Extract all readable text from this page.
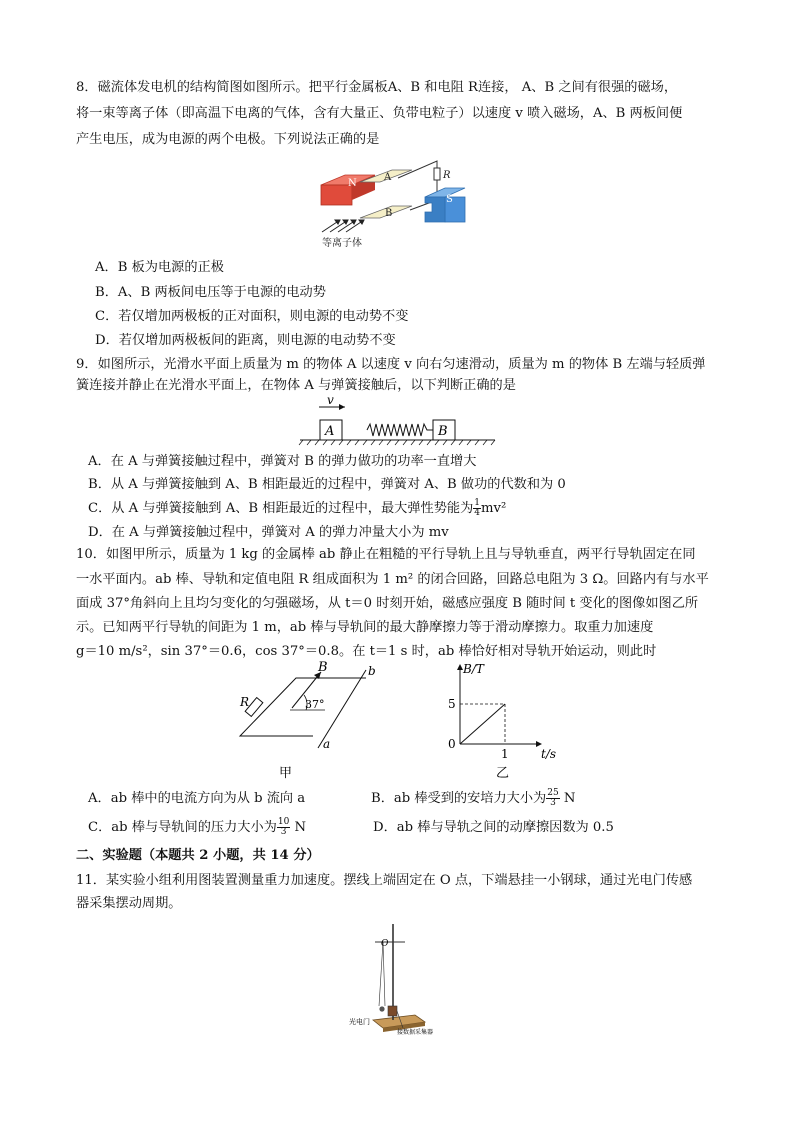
8．磁流体发电机的结构简图如图所示。把平行金属板A、B 和电阻 R连接， A、B 之间有很强的磁场，
将一束等离子体（即高温下电离的气体，含有大量正、负带电粒子）以速度 v 喷入磁场，A、B 两板间便
产生电压，成为电源的两个电极。下列说法正确的是
N
A
B
S
R
等离子体
A．B 板为电源的正极
B．A、B 两板间电压等于电源的电动势
C．若仅增加两极板的正对面积，则电源的电动势不变
D．若仅增加两极板间的距离，则电源的电动势不变
9．如图所示，光滑水平面上质量为 m 的物体 A 以速度 v 向右匀速滑动，质量为 m 的物体 B 左端与轻质弹
簧连接并静止在光滑水平面上，在物体 A 与弹簧接触后，以下判断正确的是
v
A	B
A．在 A 与弹簧接触过程中，弹簧对 B 的弹力做功的功率一直增大
B．从 A 与弹簧接触到 A、B 相距最近的过程中，弹簧对 A、B 做功的代数和为 0
C．从 A 与弹簧接触到 A、B 相距最近的过程中，最大弹性势能为 $\frac{1}{4} mv^2$
D．在 A 与弹簧接触过程中，弹簧对 A 的弹力冲量大小为 mv
10．如图甲所示，质量为 1 kg 的金属棒 ab 静止在粗糙的平行导轨上且与导轨垂直，两平行导轨固定在同
一水平面内。ab 棒、导轨和定值电阻 R 组成面积为 1 m² 的闭合回路，回路总电阻为 3 Ω。回路内有与水平
面成 37°角斜向上且均匀变化的匀强磁场，从 t＝0 时刻开始，磁感应强度 B 随时间 t 变化的图像如图乙所
示。已知两平行导轨的间距为 1 m，ab 棒与导轨间的最大静摩擦力等于滑动摩擦力。取重力加速度
g＝10 m/s²，sin 37°＝0.6，cos 37°＝0.8。在 t＝1 s 时，ab 棒恰好相对导轨开始运动，则此时
B
R	37°
b
a
甲
B/T
5
0
1	t/s
乙
A．ab 棒中的电流方向为从 b 流向 a	B．ab 棒受到的安培力大小为 $\frac{25}{3}$ N
C．ab 棒与导轨间的压力大小为 $\frac{10}{3}$ N	D．ab 棒与导轨之间的动摩擦因数为 0.5
二、实验题（本题共 2 小题，共 14 分）
11．某实验小组利用图装置测量重力加速度。摆线上端固定在 O 点，下端悬挂一小钢球，通过光电门传感
器采集摆动周期。
O
光电门
接数据采集器
